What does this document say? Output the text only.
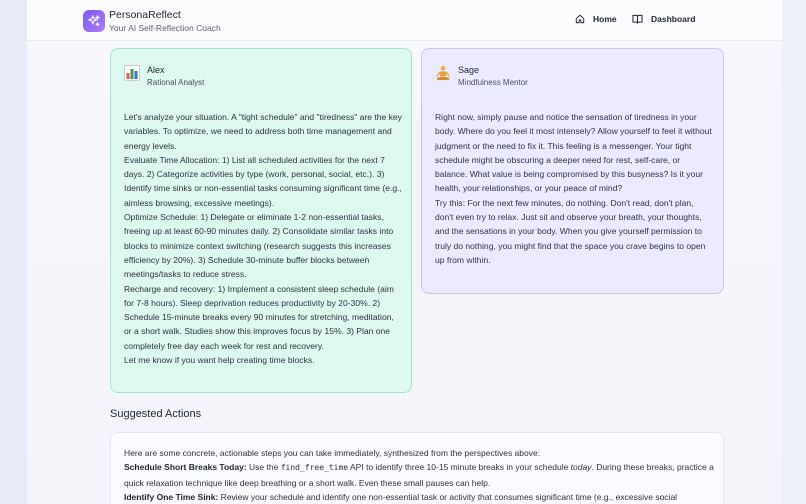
PersonaReflect
Your AI Self-Reflection Coach
Home	Dashboard
Alex
Rational Analyst

Let's analyze your situation. A "tight schedule" and "tiredness" are the key variables. To optimize, we need to address both time management and energy levels.

Evaluate Time Allocation: 1) List all scheduled activities for the next 7 days. 2) Categorize activities by type (work, personal, social, etc.). 3) Identify time sinks or non-essential tasks consuming significant time (e.g., aimless browsing, excessive meetings).

Optimize Schedule: 1) Delegate or eliminate 1-2 non-essential tasks, freeing up at least 60-90 minutes daily. 2) Consolidate similar tasks into blocks to minimize context switching (research suggests this increases efficiency by 20%). 3) Schedule 30-minute buffer blocks between meetings/tasks to reduce stress.

Recharge and recovery: 1) Implement a consistent sleep schedule (aim for 7-8 hours). Sleep deprivation reduces productivity by 20-30%. 2) Schedule 15-minute breaks every 90 minutes for stretching, meditation, or a short walk. Studies show this improves focus by 15%. 3) Plan one completely free day each week for rest and recovery.

Let me know if you want help creating time blocks.

Sage
Mindfulness Mentor

Right now, simply pause and notice the sensation of tiredness in your body. Where do you feel it most intensely? Allow yourself to feel it without judgment or the need to fix it. This feeling is a messenger. Your tight schedule might be obscuring a deeper need for rest, self-care, or balance. What value is being compromised by this busyness? Is it your health, your relationships, or your peace of mind?

Try this: For the next few minutes, do nothing. Don't read, don't plan, don't even try to relax. Just sit and observe your breath, your thoughts, and the sensations in your body. When you give yourself permission to truly do nothing, you might find that the space you crave begins to open up from within.

Suggested Actions

Here are some concrete, actionable steps you can take immediately, synthesized from the perspectives above:

Schedule Short Breaks Today: Use the find_free_time API to identify three 10-15 minute breaks in your schedule today. During these breaks, practice a quick relaxation technique like deep breathing or a short walk. Even these small pauses can help.

Identify One Time Sink: Review your schedule and identify one non-essential task or activity that consumes significant time (e.g., excessive social
